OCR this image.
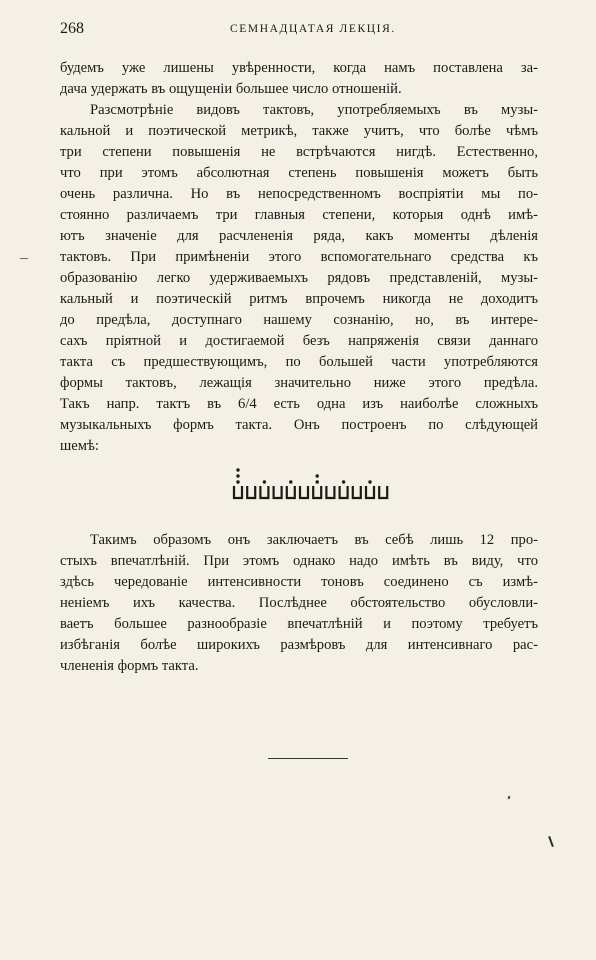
268	СЕМНАДЦАТАЯ ЛЕКЦІЯ.

будемъ уже лишены увѣренности, когда намъ поставлена за-
дача удержать въ ощущеніи большее число отношеній.

Разсмотрѣніе видовъ тактовъ, употребляемыхъ въ музы-
кальной и поэтической метрикѣ, также учитъ, что болѣе чѣмъ
три степени повышенія не встрѣчаются нигдѣ. Естественно,
что при этомъ абсолютная степень повышенія можетъ быть
очень различна. Но въ непосредственномъ воспріятіи мы по-
стоянно различаемъ три главныя степени, которыя однѣ имѣ-
ютъ значеніе для расчлененія ряда, какъ моменты дѣленія
тактовъ. При примѣненіи этого вспомогательнаго средства къ
образованію легко удерживаемыхъ рядовъ представленій, музы-
кальный и поэтическій ритмъ впрочемъ никогда не доходитъ
до предѣла, доступнаго нашему сознанію, но, въ интере-
сахъ пріятной и достигаемой безъ напряженія связи даннаго
такта съ предшествующимъ, по большей части употребляются
формы тактовъ, лежащія значительно ниже этого предѣла.
Такъ напр. тактъ въ 6/4 есть одна изъ наиболѣе сложныхъ
музыкальныхъ формъ такта. Онъ построенъ по слѣдующей
шемѣ:

Такимъ образомъ онъ заключаетъ въ себѣ лишь 12 про-
стыхъ впечатлѣній. При этомъ однако надо имѣть въ виду, что
здѣсь чередованіе интенсивности тоновъ соединено съ измѣ-
неніемъ ихъ качества. Послѣднее обстоятельство обусловли-
ваетъ большее разнообразіе впечатлѣній и поэтому требуетъ
избѣганія болѣе широкихъ размѣровъ для интенсивнаго рас-
члененія формъ такта.
